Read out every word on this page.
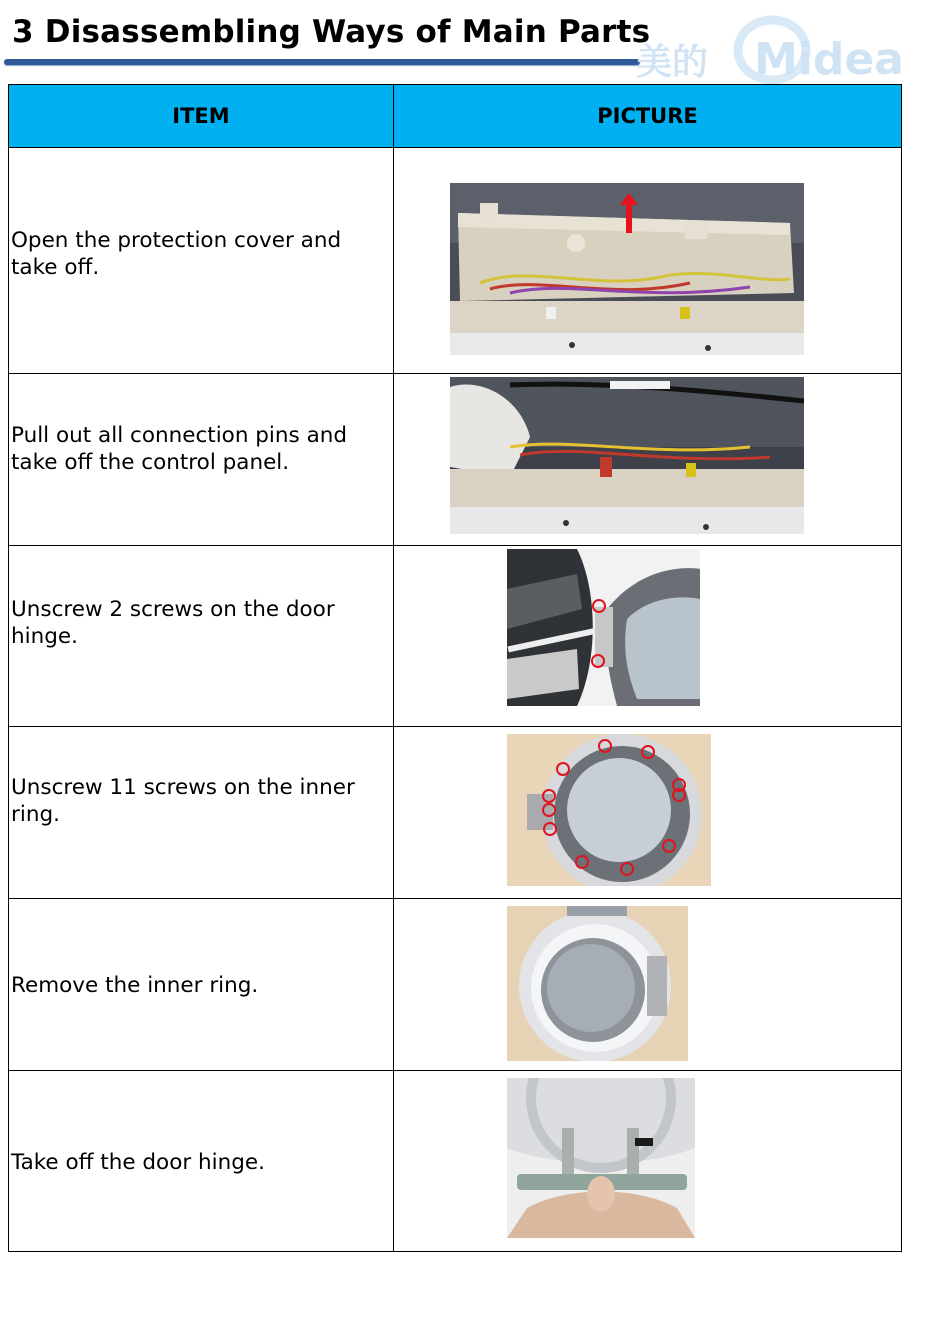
3 Disassembling Ways of Main Parts
美的 Midea
ITEM	PICTURE

Open the protection cover and take off.

Pull out all connection pins and take off the control panel.

Unscrew 2 screws on the door hinge.

Unscrew 11 screws on the inner ring.

Remove the inner ring.

Take off the door hinge.
